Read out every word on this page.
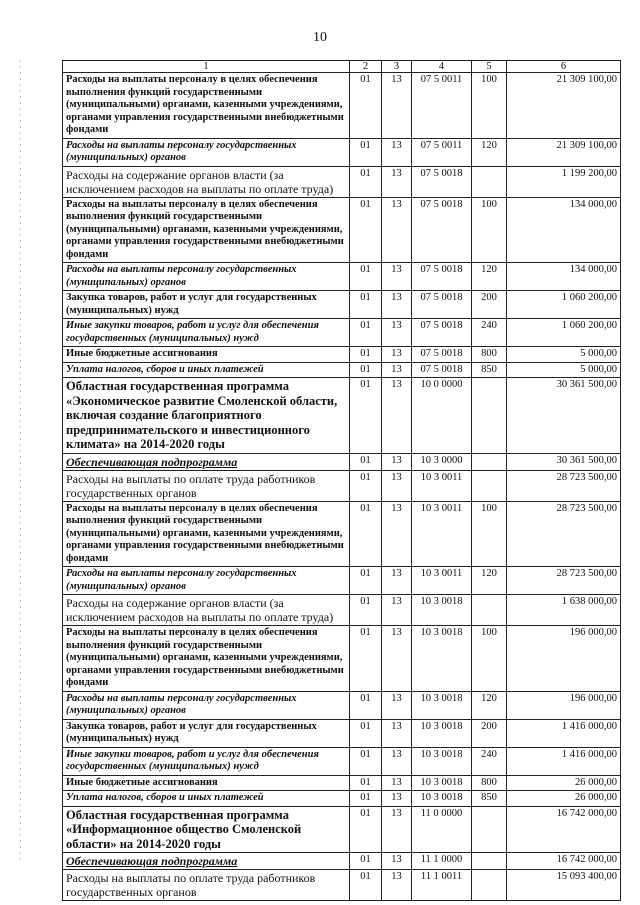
10
1	2	3	4	5	6
Расходы на выплаты персоналу в целях обеспечения выполнения функций государственными (муниципальными) органами, казенными учреждениями, органами управления государственными внебюджетными фондами	01	13	07 5 0011	100	21 309 100,00
Расходы на выплаты персоналу государственных (муниципальных) органов	01	13	07 5 0011	120	21 309 100,00
Расходы на содержание органов власти (за исключением расходов на выплаты по оплате труда)	01	13	07 5 0018		1 199 200,00
Расходы на выплаты персоналу в целях обеспечения выполнения функций государственными (муниципальными) органами, казенными учреждениями, органами управления государственными внебюджетными фондами	01	13	07 5 0018	100	134 000,00
Расходы на выплаты персоналу государственных (муниципальных) органов	01	13	07 5 0018	120	134 000,00
Закупка товаров, работ и услуг для государственных (муниципальных) нужд	01	13	07 5 0018	200	1 060 200,00
Иные закупки товаров, работ и услуг для обеспечения государственных (муниципальных) нужд	01	13	07 5 0018	240	1 060 200,00
Иные бюджетные ассигнования	01	13	07 5 0018	800	5 000,00
Уплата налогов, сборов и иных платежей	01	13	07 5 0018	850	5 000,00
Областная государственная программа «Экономическое развитие Смоленской области, включая создание благоприятного предпринимательского и инвестиционного климата» на 2014-2020 годы	01	13	10 0 0000		30 361 500,00
Обеспечивающая подпрограмма	01	13	10 3 0000		30 361 500,00
Расходы на выплаты по оплате труда работников государственных органов	01	13	10 3 0011		28 723 500,00
Расходы на выплаты персоналу в целях обеспечения выполнения функций государственными (муниципальными) органами, казенными учреждениями, органами управления государственными внебюджетными фондами	01	13	10 3 0011	100	28 723 500,00
Расходы на выплаты персоналу государственных (муниципальных) органов	01	13	10 3 0011	120	28 723 500,00
Расходы на содержание органов власти (за исключением расходов на выплаты по оплате труда)	01	13	10 3 0018		1 638 000,00
Расходы на выплаты персоналу в целях обеспечения выполнения функций государственными (муниципальными) органами, казенными учреждениями, органами управления государственными внебюджетными фондами	01	13	10 3 0018	100	196 000,00
Расходы на выплаты персоналу государственных (муниципальных) органов	01	13	10 3 0018	120	196 000,00
Закупка товаров, работ и услуг для государственных (муниципальных) нужд	01	13	10 3 0018	200	1 416 000,00
Иные закупки товаров, работ и услуг для обеспечения государственных (муниципальных) нужд	01	13	10 3 0018	240	1 416 000,00
Иные бюджетные ассигнования	01	13	10 3 0018	800	26 000,00
Уплата налогов, сборов и иных платежей	01	13	10 3 0018	850	26 000,00
Областная государственная программа «Информационное общество Смоленской области» на 2014-2020 годы	01	13	11 0 0000		16 742 000,00
Обеспечивающая подпрограмма	01	13	11 1 0000		16 742 000,00
Расходы на выплаты по оплате труда работников государственных органов	01	13	11 1 0011		15 093 400,00
